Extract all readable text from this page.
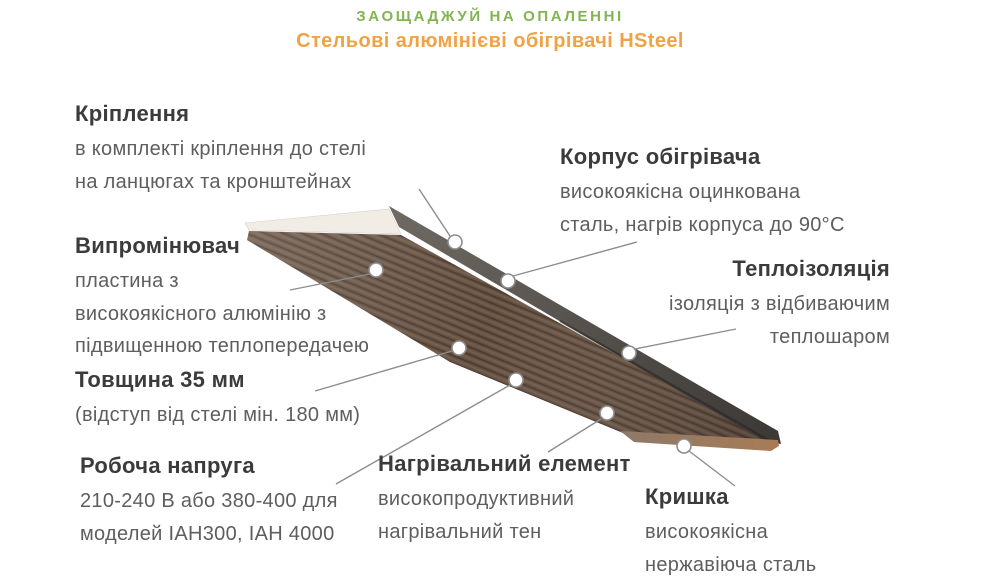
ЗАОЩАДЖУЙ НА ОПАЛЕННІ
Стельові алюмінієві обігрівачі HSteel
Кріплення
в комплекті кріплення до стелі
на ланцюгах та кронштейнах
Випромінювач
пластина з
високоякісного алюмінію з
підвищенною теплопередачею
Товщина 35 мм
(відступ від стелі мін. 180 мм)
Робоча напруга
210-240 В або 380-400 для
моделей IAH300, IAH 4000
Корпус обігрівача
високоякісна оцинкована
сталь, нагрів корпуса до 90°С
Теплоізоляція
ізоляція з відбиваючим
теплошаром
Нагрівальний елемент
високопродуктивний
нагрівальний тен
Кришка
високоякісна
нержавіюча сталь
